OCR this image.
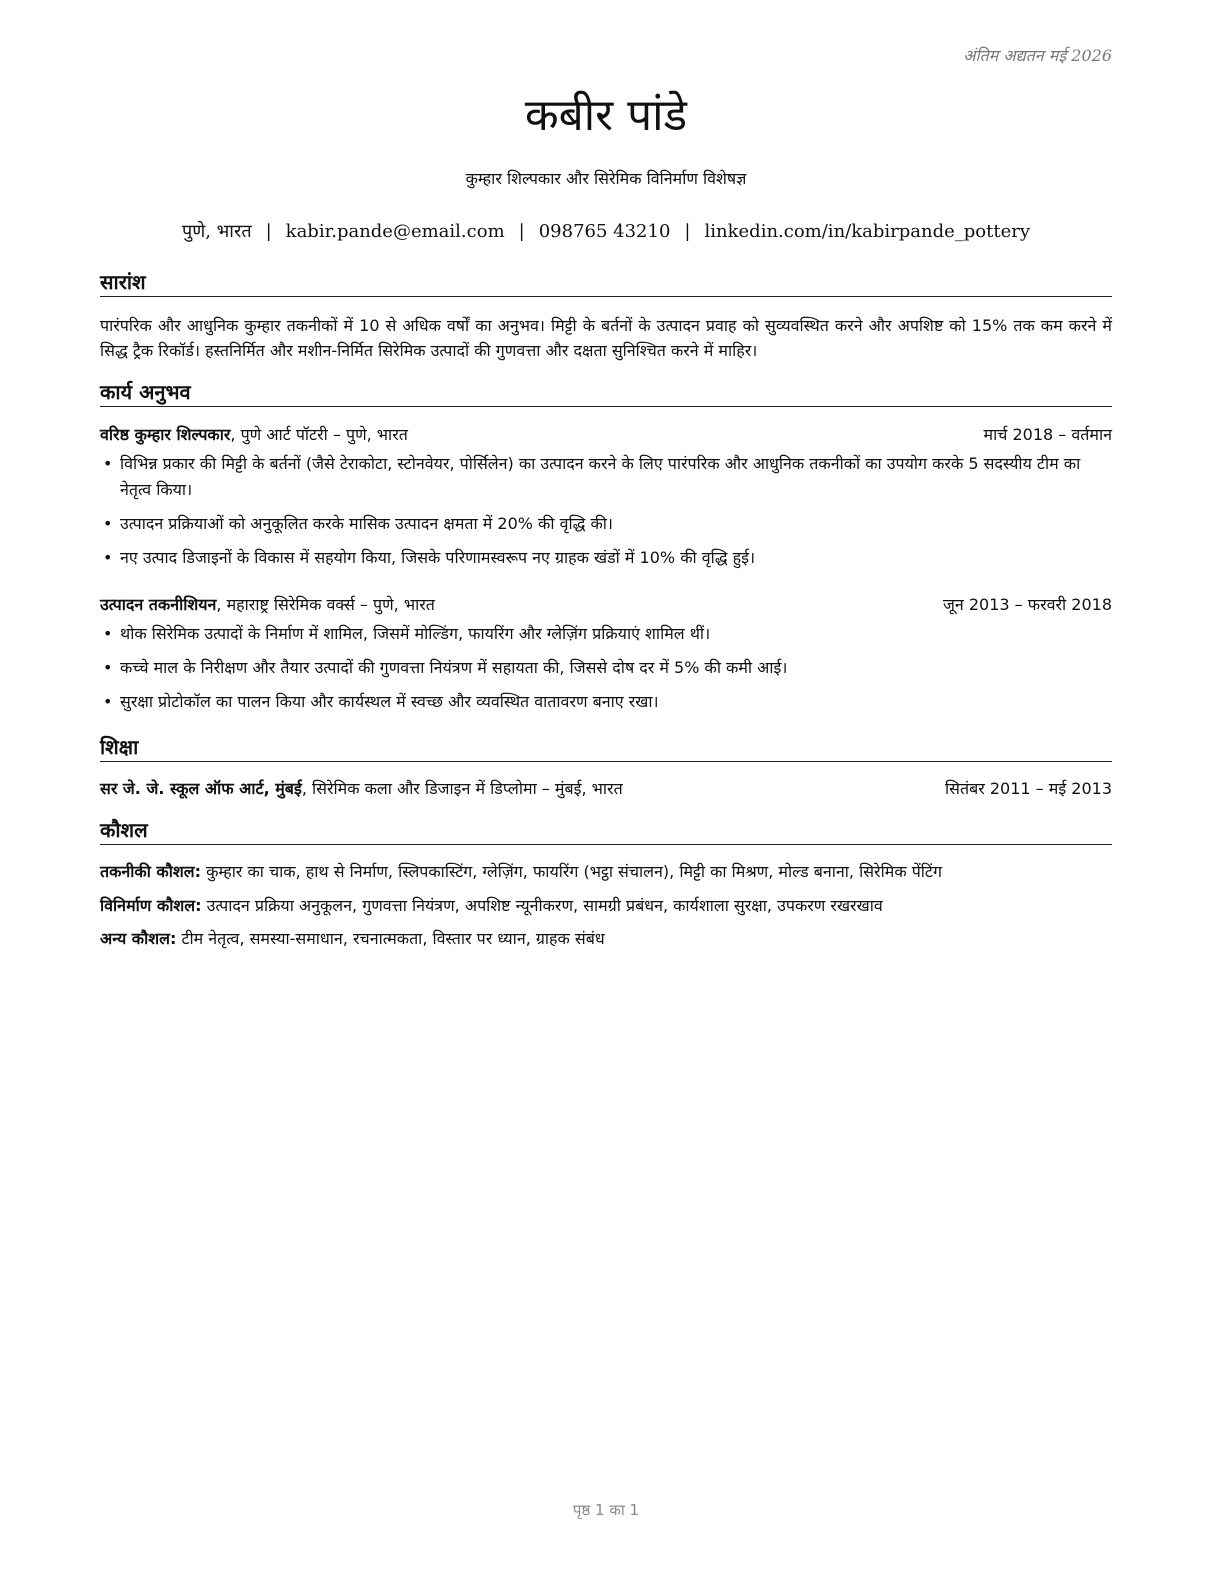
अंतिम अद्यतन मई 2026
कबीर पांडे
कुम्हार शिल्पकार और सिरेमिक विनिर्माण विशेषज्ञ
पुणे, भारत | kabir.pande@email.com | 098765 43210 | linkedin.com/in/kabirpande_pottery
सारांश
पारंपरिक और आधुनिक कुम्हार तकनीकों में 10 से अधिक वर्षों का अनुभव। मिट्टी के बर्तनों के उत्पादन प्रवाह को सुव्यवस्थित करने और अपशिष्ट को 15% तक कम करने में सिद्ध ट्रैक रिकॉर्ड। हस्तनिर्मित और मशीन-निर्मित सिरेमिक उत्पादों की गुणवत्ता और दक्षता सुनिश्चित करने में माहिर।
कार्य अनुभव
वरिष्ठ कुम्हार शिल्पकार, पुणे आर्ट पॉटरी – पुणे, भारत	मार्च 2018 – वर्तमान
• विभिन्न प्रकार की मिट्टी के बर्तनों (जैसे टेराकोटा, स्टोनवेयर, पोर्सिलेन) का उत्पादन करने के लिए पारंपरिक और आधुनिक तकनीकों का उपयोग करके 5 सदस्यीय टीम का नेतृत्व किया।
• उत्पादन प्रक्रियाओं को अनुकूलित करके मासिक उत्पादन क्षमता में 20% की वृद्धि की।
• नए उत्पाद डिजाइनों के विकास में सहयोग किया, जिसके परिणामस्वरूप नए ग्राहक खंडों में 10% की वृद्धि हुई।
उत्पादन तकनीशियन, महाराष्ट्र सिरेमिक वर्क्स – पुणे, भारत	जून 2013 – फरवरी 2018
• थोक सिरेमिक उत्पादों के निर्माण में शामिल, जिसमें मोल्डिंग, फायरिंग और ग्लेज़िंग प्रक्रियाएं शामिल थीं।
• कच्चे माल के निरीक्षण और तैयार उत्पादों की गुणवत्ता नियंत्रण में सहायता की, जिससे दोष दर में 5% की कमी आई।
• सुरक्षा प्रोटोकॉल का पालन किया और कार्यस्थल में स्वच्छ और व्यवस्थित वातावरण बनाए रखा।
शिक्षा
सर जे. जे. स्कूल ऑफ आर्ट, मुंबई, सिरेमिक कला और डिजाइन में डिप्लोमा – मुंबई, भारत	सितंबर 2011 – मई 2013
कौशल
तकनीकी कौशल: कुम्हार का चाक, हाथ से निर्माण, स्लिपकास्टिंग, ग्लेज़िंग, फायरिंग (भट्ठा संचालन), मिट्टी का मिश्रण, मोल्ड बनाना, सिरेमिक पेंटिंग
विनिर्माण कौशल: उत्पादन प्रक्रिया अनुकूलन, गुणवत्ता नियंत्रण, अपशिष्ट न्यूनीकरण, सामग्री प्रबंधन, कार्यशाला सुरक्षा, उपकरण रखरखाव
अन्य कौशल: टीम नेतृत्व, समस्या-समाधान, रचनात्मकता, विस्तार पर ध्यान, ग्राहक संबंध
पृष्ठ 1 का 1
